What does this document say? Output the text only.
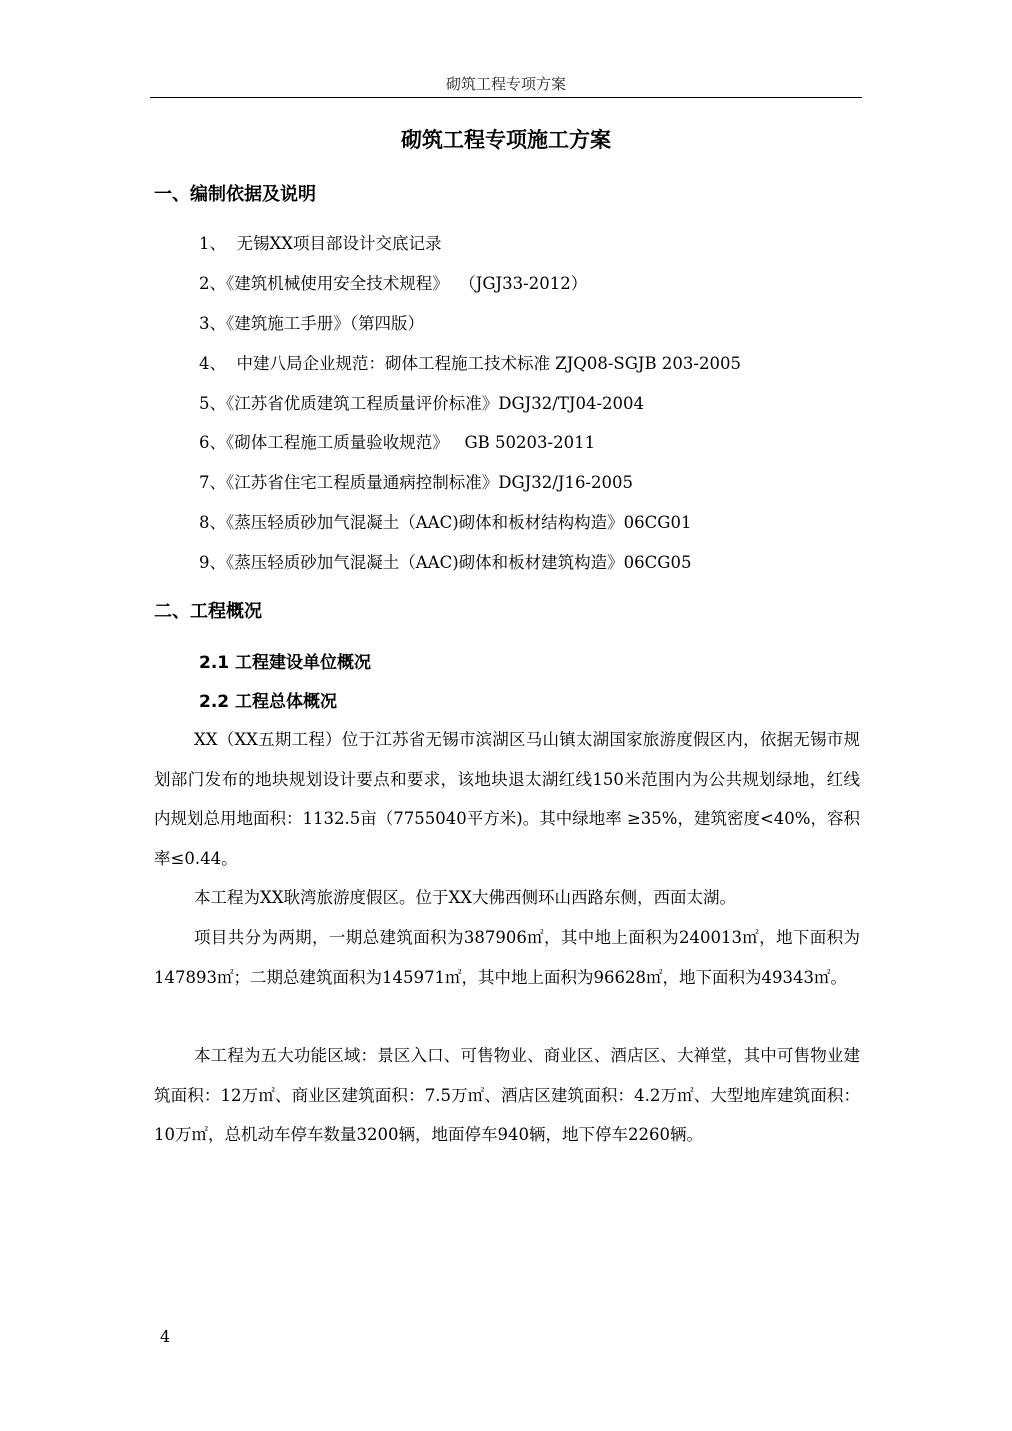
砌筑工程专项方案
砌筑工程专项施工方案
一、编制依据及说明
1、  无锡XX项目部设计交底记录
2、《建筑机械使用安全技术规程》  （JGJ33-2012）
3、《建筑施工手册》（第四版）
4、  中建八局企业规范：砌体工程施工技术标准 ZJQ08-SGJB 203-2005
5、《江苏省优质建筑工程质量评价标准》DGJ32/TJ04-2004
6、《砌体工程施工质量验收规范》   GB 50203-2011
7、《江苏省住宅工程质量通病控制标准》DGJ32/J16-2005
8、《蒸压轻质砂加气混凝土（AAC)砌体和板材结构构造》06CG01
9、《蒸压轻质砂加气混凝土（AAC)砌体和板材建筑构造》06CG05
二、工程概况
2.1 工程建设单位概况
2.2 工程总体概况

XX（XX五期工程）位于江苏省无锡市滨湖区马山镇太湖国家旅游度假区内，依据无锡市规划部门发布的地块规划设计要点和要求，该地块退太湖红线150米范围内为公共规划绿地，红线内规划总用地面积：1132.5亩（7755040平方米)。其中绿地率 ≥35%，建筑密度<40%，容积率≤0.44。

本工程为XX耿湾旅游度假区。位于XX大佛西侧环山西路东侧，西面太湖。

项目共分为两期，一期总建筑面积为387906㎡，其中地上面积为240013㎡，地下面积为147893㎡；二期总建筑面积为145971㎡，其中地上面积为96628㎡，地下面积为49343㎡。

本工程为五大功能区域：景区入口、可售物业、商业区、酒店区、大禅堂，其中可售物业建筑面积：12万㎡、商业区建筑面积：7.5万㎡、酒店区建筑面积：4.2万㎡、大型地库建筑面积：10万㎡，总机动车停车数量3200辆，地面停车940辆，地下停车2260辆。

4
